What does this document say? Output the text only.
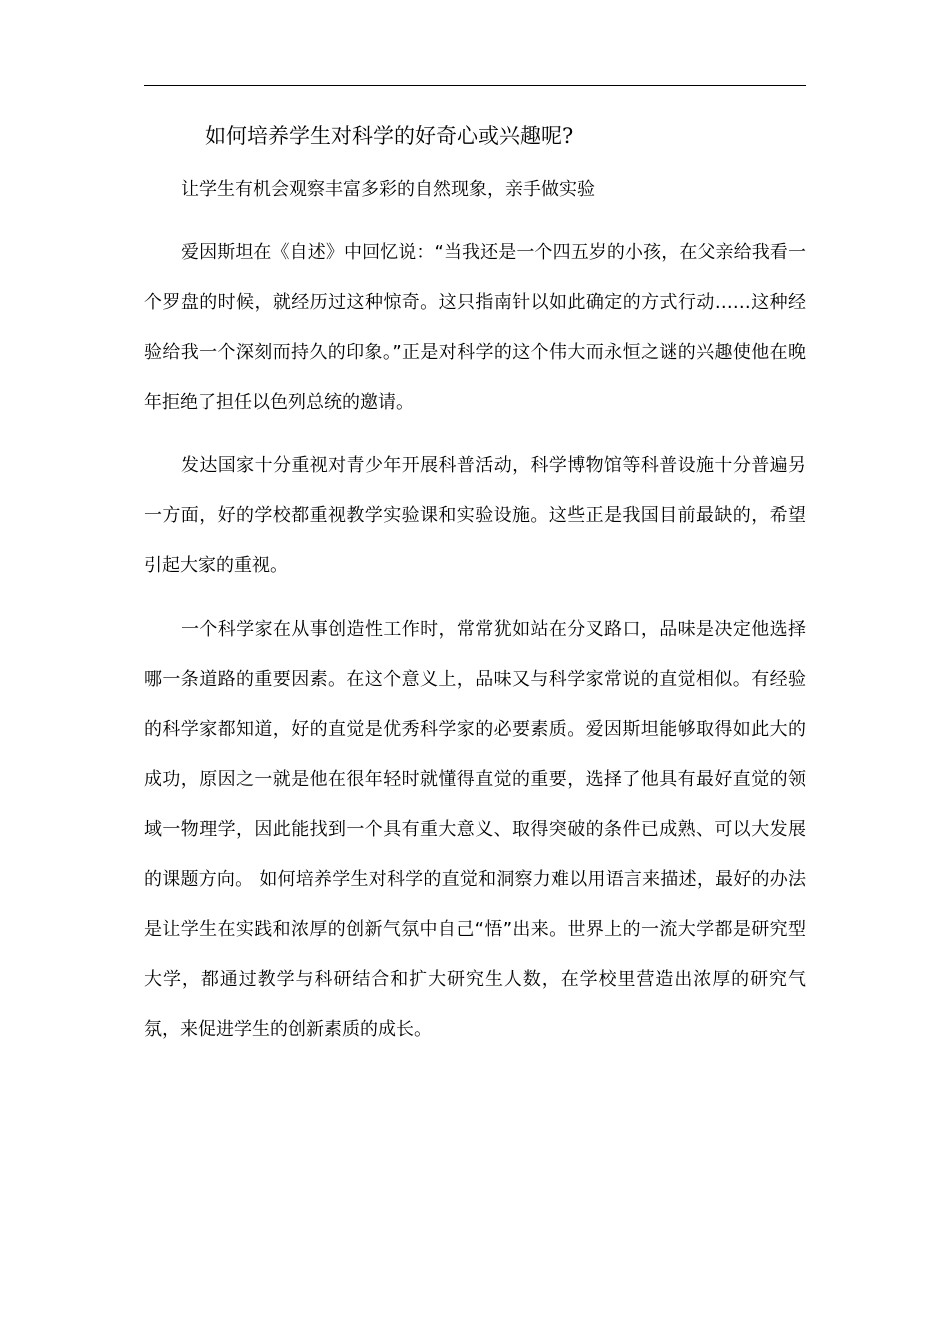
如何培养学生对科学的好奇心或兴趣呢?

让学生有机会观察丰富多彩的自然现象，亲手做实验

爱因斯坦在《自述》中回忆说：“当我还是一个四五岁的小孩，在父亲给我看一个罗盘的时候，就经历过这种惊奇。这只指南针以如此确定的方式行动……这种经验给我一个深刻而持久的印象。”正是对科学的这个伟大而永恒之谜的兴趣使他在晚年拒绝了担任以色列总统的邀请。

发达国家十分重视对青少年开展科普活动，科学博物馆等科普设施十分普遍另一方面，好的学校都重视教学实验课和实验设施。这些正是我国目前最缺的，希望引起大家的重视。

一个科学家在从事创造性工作时，常常犹如站在分叉路口，品味是决定他选择哪一条道路的重要因素。在这个意义上，品味又与科学家常说的直觉相似。有经验的科学家都知道，好的直觉是优秀科学家的必要素质。爱因斯坦能够取得如此大的成功，原因之一就是他在很年轻时就懂得直觉的重要，选择了他具有最好直觉的领域一物理学，因此能找到一个具有重大意义、取得突破的条件已成熟、可以大发展的课题方向。 如何培养学生对科学的直觉和洞察力难以用语言来描述，最好的办法是让学生在实践和浓厚的创新气氛中自己“悟”出来。世界上的一流大学都是研究型大学，都通过教学与科研结合和扩大研究生人数，在学校里营造出浓厚的研究气氛，来促进学生的创新素质的成长。
